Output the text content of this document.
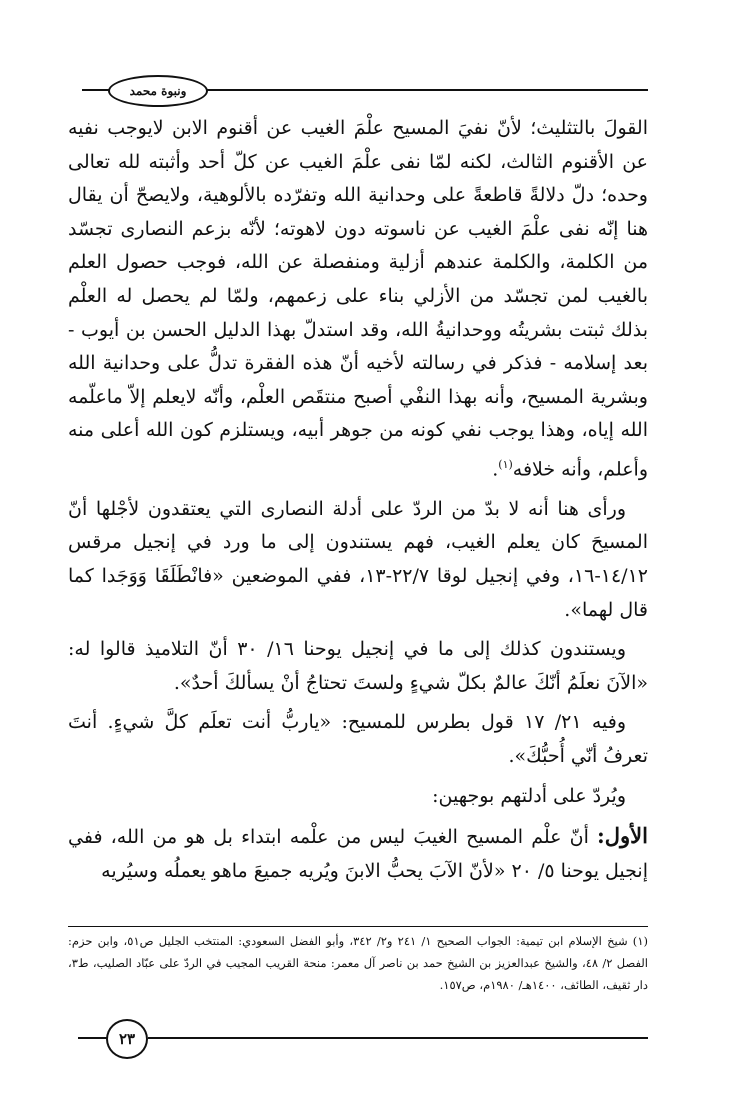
ونبوة محمد

القولَ بالتثليث؛ لأنّ نفيَ المسيح علْمَ الغيب عن أقنوم الابن لايوجب نفيه عن الأقنوم الثالث، لكنه لمّا نفى علْمَ الغيب عن كلّ أحد وأثبته لله تعالى وحده؛ دلّ دلالةً قاطعةً على وحدانية الله وتفرّده بالألوهية، ولايصحّ أن يقال هنا إنّه نفى علْمَ الغيب عن ناسوته دون لاهوته؛ لأنّه بزعم النصارى تجسّد من الكلمة، والكلمة عندهم أزلية ومنفصلة عن الله، فوجب حصول العلم بالغيب لمن تجسّد من الأزلي بناء على زعمهم، ولمّا لم يحصل له العلْم بذلك ثبتت بشريتُه ووحدانيةُ الله، وقد استدلّ بهذا الدليل الحسن بن أيوب - بعد إسلامه - فذكر في رسالته لأخيه أنّ هذه الفقرة تدلُّ على وحدانية الله وبشرية المسيح، وأنه بهذا النفْي أصبح منتقَص العلْم، وأنّه لايعلم إلاّ ماعلّمه الله إياه، وهذا يوجب نفي كونه من جوهر أبيه، ويستلزم كون الله أعلى منه وأعلم، وأنه خلافه$^{(١)}$.

ورأى هنا أنه لا بدّ من الردّ على أدلة النصارى التي يعتقدون لأجْلها أنّ المسيحَ كان يعلم الغيب، فهم يستندون إلى ما ورد في إنجيل مرقس ١٤/١٢-١٦، وفي إنجيل لوقا ٢٢/٧-١٣، ففي الموضعين «فانْطَلَقَا وَوَجَدا كما قال لهما».

ويستندون كذلك إلى ما في إنجيل يوحنا ١٦/ ٣٠ أنّ التلاميذ قالوا له: «الآنَ نعلَمُ أنّكَ عالمٌ بكلّ شيءٍ ولستَ تحتاجُ أنْ يسألكَ أحدٌ».

وفيه ٢١/ ١٧ قول بطرس للمسيح: «ياربُّ أنت تعلَم كلَّ شيءٍ. أنتَ تعرفُ أنّي أُحبُّكَ».

ويُردّ على أدلتهم بوجهين:

الأول: أنّ علْم المسيح الغيبَ ليس من علْمه ابتداء بل هو من الله، ففي إنجيل يوحنا ٥/ ٢٠ «لأنّ الآبَ يحبُّ الابنَ ويُريه جميعَ ماهو يعملُه وسيُريه

(١) شيخ الإسلام ابن تيمية: الجواب الصحيح ١/ ٢٤١ و٢/ ٣٤٢، وأبو الفضل السعودي: المنتخب الجليل ص٥١، وابن حزم: الفصل ٢/ ٤٨، والشيخ عبدالعزيز بن الشيخ حمد بن ناصر آل معمر: منحة القريب المجيب في الردّ على عبّاد الصليب، ط٣، دار ثقيف، الطائف، ١٤٠٠هـ/ ١٩٨٠م، ص١٥٧.
٢٣
